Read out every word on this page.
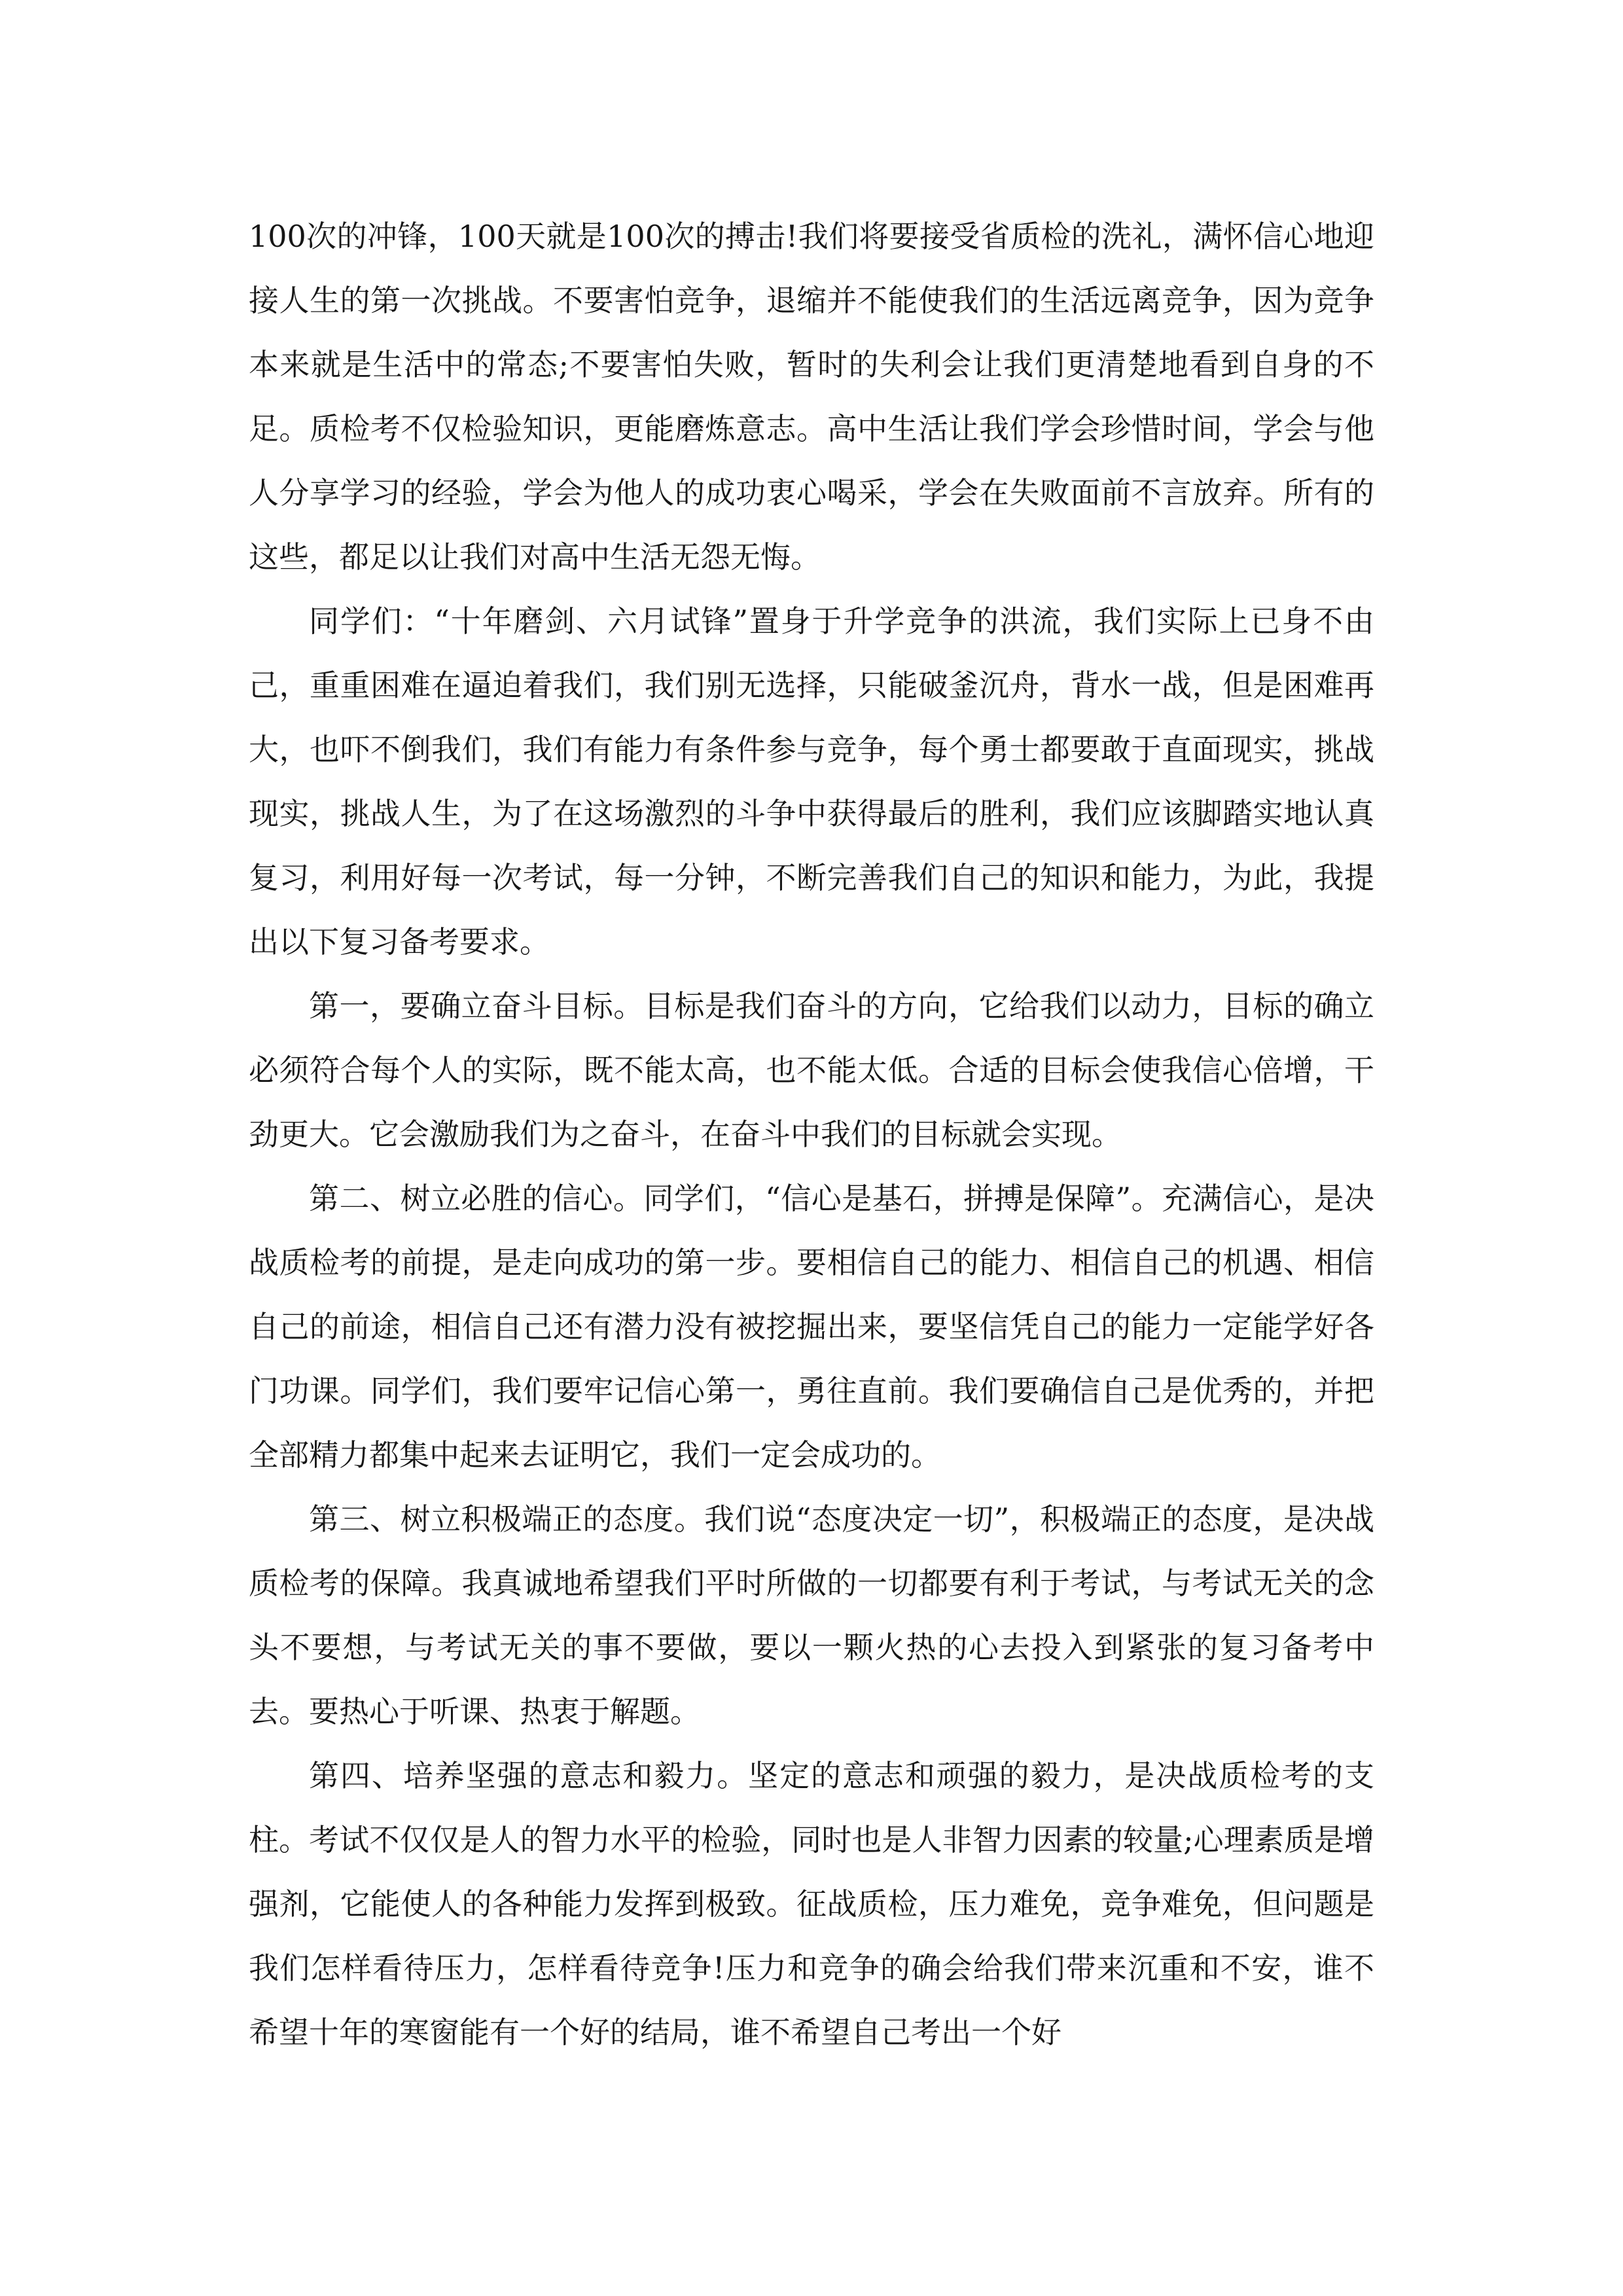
100次的冲锋，100天就是100次的搏击!我们将要接受省质检的洗礼，满怀信心地迎接人生的第一次挑战。不要害怕竞争，退缩并不能使我们的生活远离竞争，因为竞争本来就是生活中的常态;不要害怕失败，暂时的失利会让我们更清楚地看到自身的不足。质检考不仅检验知识，更能磨炼意志。高中生活让我们学会珍惜时间，学会与他人分享学习的经验，学会为他人的成功衷心喝采，学会在失败面前不言放弃。所有的这些，都足以让我们对高中生活无怨无悔。

同学们：“十年磨剑、六月试锋”置身于升学竞争的洪流，我们实际上已身不由己，重重困难在逼迫着我们，我们别无选择，只能破釜沉舟，背水一战，但是困难再大，也吓不倒我们，我们有能力有条件参与竞争，每个勇士都要敢于直面现实，挑战现实，挑战人生，为了在这场激烈的斗争中获得最后的胜利，我们应该脚踏实地认真复习，利用好每一次考试，每一分钟，不断完善我们自己的知识和能力，为此，我提出以下复习备考要求。

第一，要确立奋斗目标。目标是我们奋斗的方向，它给我们以动力，目标的确立必须符合每个人的实际，既不能太高，也不能太低。合适的目标会使我信心倍增，干劲更大。它会激励我们为之奋斗，在奋斗中我们的目标就会实现。

第二、树立必胜的信心。同学们，“信心是基石，拼搏是保障”。充满信心，是决战质检考的前提，是走向成功的第一步。要相信自己的能力、相信自己的机遇、相信自己的前途，相信自己还有潜力没有被挖掘出来，要坚信凭自己的能力一定能学好各门功课。同学们，我们要牢记信心第一，勇往直前。我们要确信自己是优秀的，并把全部精力都集中起来去证明它，我们一定会成功的。

第三、树立积极端正的态度。我们说“态度决定一切”，积极端正的态度，是决战质检考的保障。我真诚地希望我们平时所做的一切都要有利于考试，与考试无关的念头不要想，与考试无关的事不要做，要以一颗火热的心去投入到紧张的复习备考中去。要热心于听课、热衷于解题。

第四、培养坚强的意志和毅力。坚定的意志和顽强的毅力，是决战质检考的支柱。考试不仅仅是人的智力水平的检验，同时也是人非智力因素的较量;心理素质是增强剂，它能使人的各种能力发挥到极致。征战质检，压力难免，竞争难免，但问题是我们怎样看待压力，怎样看待竞争!压力和竞争的确会给我们带来沉重和不安，谁不希望十年的寒窗能有一个好的结局，谁不希望自己考出一个好
